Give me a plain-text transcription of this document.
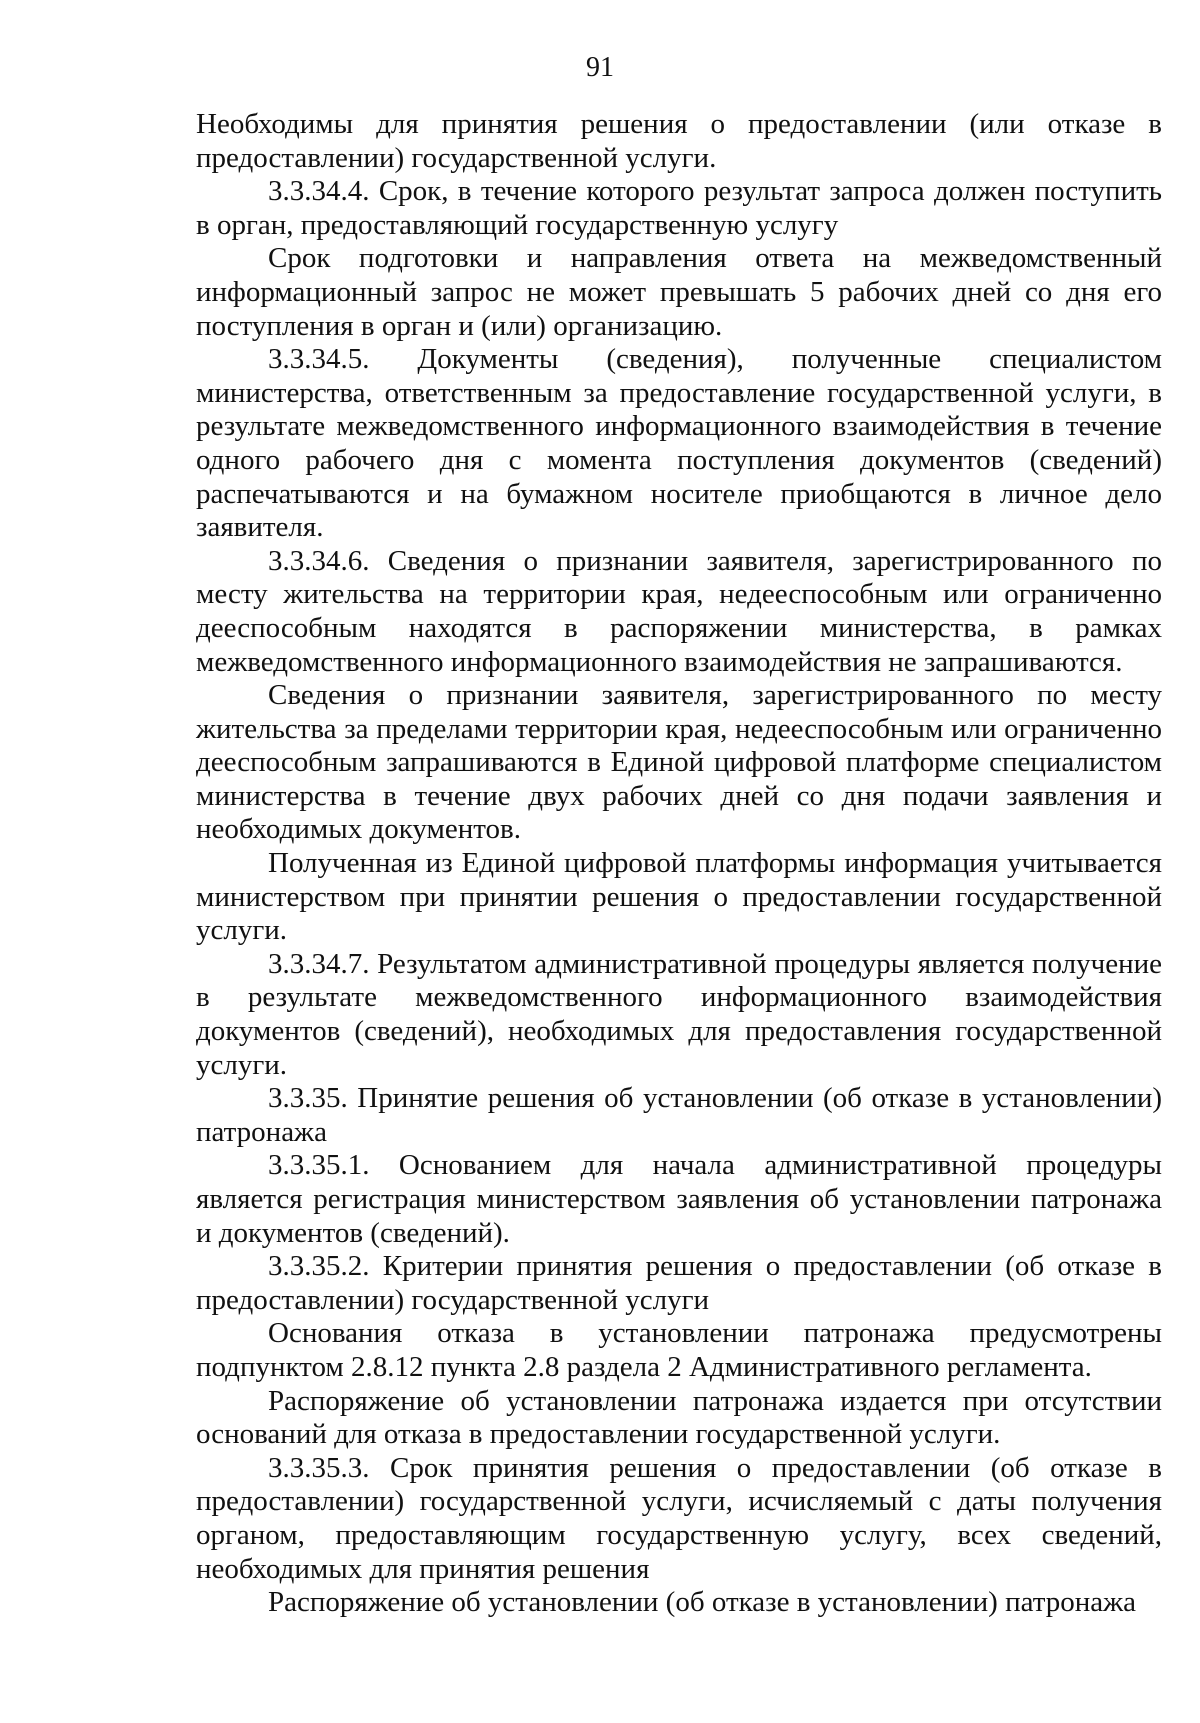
91

Необходимы для принятия решения о предоставлении (или отказе в предоставлении) государственной услуги.

3.3.34.4. Срок, в течение которого результат запроса должен поступить в орган, предоставляющий государственную услугу

Срок подготовки и направления ответа на межведомственный информационный запрос не может превышать 5 рабочих дней со дня его поступления в орган и (или) организацию.

3.3.34.5. Документы (сведения), полученные специалистом министерства, ответственным за предоставление государственной услуги, в результате межведомственного информационного взаимодействия в течение одного рабочего дня с момента поступления документов (сведений) распечатываются и на бумажном носителе приобщаются в личное дело заявителя.

3.3.34.6. Сведения о признании заявителя, зарегистрированного по месту жительства на территории края, недееспособным или ограниченно дееспособным находятся в распоряжении министерства, в рамках межведомственного информационного взаимодействия не запрашиваются.

Сведения о признании заявителя, зарегистрированного по месту жительства за пределами территории края, недееспособным или ограниченно дееспособным запрашиваются в Единой цифровой платформе специалистом министерства в течение двух рабочих дней со дня подачи заявления и необходимых документов.

Полученная из Единой цифровой платформы информация учитывается министерством при принятии решения о предоставлении государственной услуги.

3.3.34.7. Результатом административной процедуры является получение в результате межведомственного информационного взаимодействия документов (сведений), необходимых для предоставления государственной услуги.

3.3.35. Принятие решения об установлении (об отказе в установлении) патронажа

3.3.35.1. Основанием для начала административной процедуры является регистрация министерством заявления об установлении патронажа и документов (сведений).

3.3.35.2. Критерии принятия решения о предоставлении (об отказе в предоставлении) государственной услуги

Основания отказа в установлении патронажа предусмотрены подпунктом 2.8.12 пункта 2.8 раздела 2 Административного регламента.

Распоряжение об установлении патронажа издается при отсутствии оснований для отказа в предоставлении государственной услуги.

3.3.35.3. Срок принятия решения о предоставлении (об отказе в предоставлении) государственной услуги, исчисляемый с даты получения органом, предоставляющим государственную услугу, всех сведений, необходимых для принятия решения

Распоряжение об установлении (об отказе в установлении) патронажа
